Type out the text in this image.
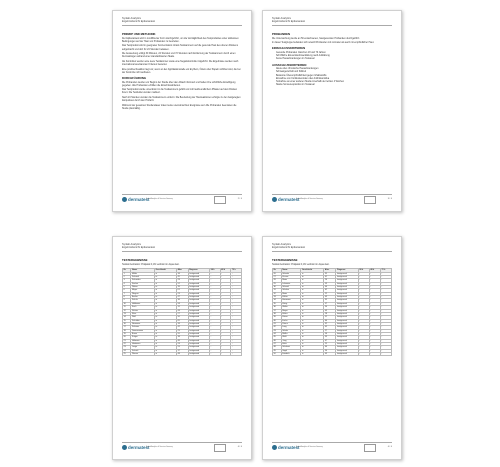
Synlab Analytics
Ergebnisbericht Epikutantest
PRINZIP UND METHODIK
Der Epikutantest wird in modifizierter Form durchgeführt, um die Verträglichkeit des Testproduktes unter okklusiven Bedingungen auf der Haut von Probanden zu beurteilen.
Das Testprodukt wird in geeigneter Konzentration mittels Testkammern auf die gesunde Haut des oberen Rückens aufgebracht und dort für 24 Stunden belassen.
Die Auswertung erfolgt 30 Minuten, 24 Stunden und 72 Stunden nach Entfernung der Testkammern durch einen Dermatologen anhand einer standardisierten Skala.
Als Kontrollen werden eine leere Testkammer sowie eine Negativkontrolle mitgeführt. Die Ergebnisse werden nach international anerkannten Kriterien bewertet.
Eine positive Reaktion liegt vor, wenn an der Applikationsstelle ein Erythem, Ödem oder Papeln sichtbar sind, die bei der Kontrolle nicht auftreten.
DURCHFÜHRUNG
Die Probanden wurden vor Beginn der Studie über den Ablauf informiert und haben ihre schriftliche Einwilligung gegeben. Alle Probanden erfüllten die Einschlusskriterien.
Das Testprodukt wurde unverdünnt in die Testkammern gefüllt und mit hautfreundlichem Pflaster auf dem Rücken fixiert. Die Testfelder wurden markiert.
Nach 24 Stunden wurden die Testkammern entfernt. Die Beurteilung der Hautreaktionen erfolgte zu den festgelegten Zeitpunkten durch den Prüfarzt.
Während der gesamten Studiendauer traten keine unerwünschten Ereignisse auf. Alle Probanden beendeten die Studie planmäßig.
dermatest
Synlab Analytics & Services Germany	2 / 4
Synlab Analytics
Ergebnisbericht Epikutantest
PROBANDEN
Die Untersuchung wurde an 50 erwachsenen, hautgesunden Probanden durchgeführt.
In dieser Testgruppe befanden sich sowohl Probanden mit normaler als auch mit empfindlicher Haut.
EINSCHLUSSKRITERIEN
• Gesunde Probanden zwischen 18 und 70 Jahren
• Schriftliche Einverständniserklärung nach Aufklärung
• Keine Hauterkrankungen im Testareal
AUSSCHLUSSKRITERIEN
• Akute oder chronische Hauterkrankungen
• Schwangerschaft und Stillzeit
• Bekannte Überempfindlichkeit gegen Inhaltsstoffe
• Einnahme von Kortikosteroiden oder Antihistaminika
• Teilnahme an einer anderen Studie innerhalb der letzten 4 Wochen
• Starke Sonnenexposition im Testareal
dermatest
Synlab Analytics & Services Germany	3 / 4
Synlab Analytics
Ergebnisbericht Epikutantest
TESTERGEBNISSE
Testkonzentration: Präparat 0,1% verdünnt in Aqua dest.
Nr.	Name	Geschlecht	Alter	Diagnose	24 h	48 h	72 h
1	Müller	w	34	hautgesund	-	-	-
2	Schmidt	m	45	hautgesund	-	-	-
3	Schneider	w	28	hautgesund	-	-	-
4	Fischer	w	52	hautgesund	-	-	-
5	Weber	m	39	hautgesund	-	-	-
6	Meyer	w	61	hautgesund	-	-	-
7	Wagner	w	23	hautgesund	-	-	-
8	Becker	m	47	hautgesund	-	-	-
9	Schulz	w	36	hautgesund	-	-	-
10	Hoffmann	w	58	hautgesund	-	-	-
11	Koch	m	31	hautgesund	-	-	-
12	Richter	w	44	hautgesund	-	-	-
13	Klein	w	27	hautgesund	-	-	-
14	Wolf	m	50	hautgesund	-	-	-
15	Schröder	w	65	hautgesund	-	-	-
16	Neumann	w	33	hautgesund	-	-	-
17	Schwarz	m	42	hautgesund	-	-	-
18	Zimmermann	w	29	hautgesund	-	-	-
19	Braun	w	55	hautgesund	-	-	-
20	Krüger	m	38	hautgesund	-	-	-
21	Hofmann	w	46	hautgesund	-	-	-
22	Hartmann	w	24	hautgesund	-	-	-
23	Lange	m	59	hautgesund	-	-	-
24	Schmitt	w	37	hautgesund	-	-	-
25	Werner	w	48	hautgesund	-	-	-
dermatest
Synlab Analytics & Services Germany	4 / 4
Synlab Analytics
Ergebnisbericht Epikutantest
TESTERGEBNISSE
Testkonzentration: Präparat 0,1% verdünnt in Aqua dest.
Nr.	Name	Geschlecht	Alter	Diagnose	24 h	48 h	72 h
26	Schmitz	w	35	hautgesund	-	-	-
27	Krause	m	41	hautgesund	-	-	-
28	Meier	w	26	hautgesund	-	-	-
29	Lehmann	w	53	hautgesund	-	-	-
30	Schmid	m	40	hautgesund	-	-	-
31	Schulze	w	62	hautgesund	-	-	-
32	Maier	w	22	hautgesund	-	-	-
33	Köhler	m	49	hautgesund	-	-	-
34	Herrmann	w	35	hautgesund	-	-	-
35	König	w	57	hautgesund	-	-	-
36	Walter	m	30	hautgesund	-	-	-
37	Mayer	w	43	hautgesund	-	-	-
38	Huber	w	28	hautgesund	-	-	-
39	Kaiser	m	51	hautgesund	-	-	-
40	Fuchs	w	64	hautgesund	-	-	-
41	Peters	w	32	hautgesund	-	-	-
42	Lang	m	45	hautgesund	-	-	-
43	Scholz	w	27	hautgesund	-	-	-
44	Möller	w	56	hautgesund	-	-	-
45	Weiß	m	39	hautgesund	-	-	-
46	Jung	w	47	hautgesund	-	-	-
47	Hahn	w	25	hautgesund	-	-	-
48	Schubert	m	60	hautgesund	-	-	-
49	Vogel	w	36	hautgesund	-	-	-
50	Friedrich	w	49	hautgesund	-	-	-
dermatest
Synlab Analytics & Services Germany	4 / 4
